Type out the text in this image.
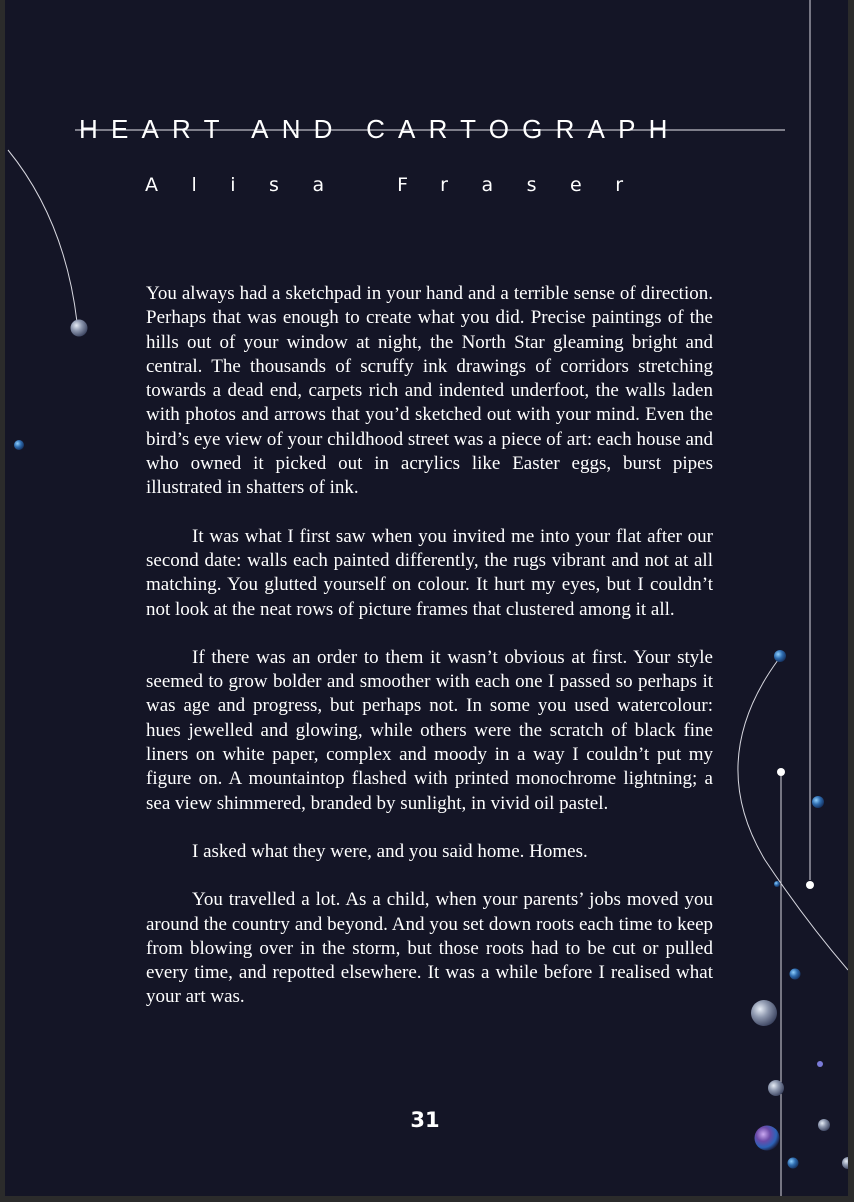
HEART AND CARTOGRAPH
Alisa Fraser

You always had a sketchpad in your hand and a terrible sense of direction. Perhaps that was enough to create what you did. Precise paintings of the hills out of your window at night, the North Star gleaming bright and central. The thousands of scruffy ink drawings of corridors stretching towards a dead end, carpets rich and indented underfoot, the walls laden with photos and arrows that you’d sketched out with your mind. Even the bird’s eye view of your childhood street was a piece of art: each house and who owned it picked out in acrylics like Easter eggs, burst pipes illustrated in shatters of ink.

It was what I first saw when you invited me into your flat after our second date: walls each painted differently, the rugs vibrant and not at all matching. You glutted yourself on colour. It hurt my eyes, but I couldn’t not look at the neat rows of picture frames that clustered among it all.

If there was an order to them it wasn’t obvious at first. Your style seemed to grow bolder and smoother with each one I passed so perhaps it was age and progress, but perhaps not. In some you used watercolour: hues jewelled and glowing, while others were the scratch of black fine liners on white paper, complex and moody in a way I couldn’t put my figure on. A mountaintop flashed with printed monochrome lightning; a sea view shimmered, branded by sunlight, in vivid oil pastel.

I asked what they were, and you said home. Homes.

You travelled a lot. As a child, when your parents’ jobs moved you around the country and beyond. And you set down roots each time to keep from blowing over in the storm, but those roots had to be cut or pulled every time, and repotted elsewhere. It was a while before I realised what your art was.

31
